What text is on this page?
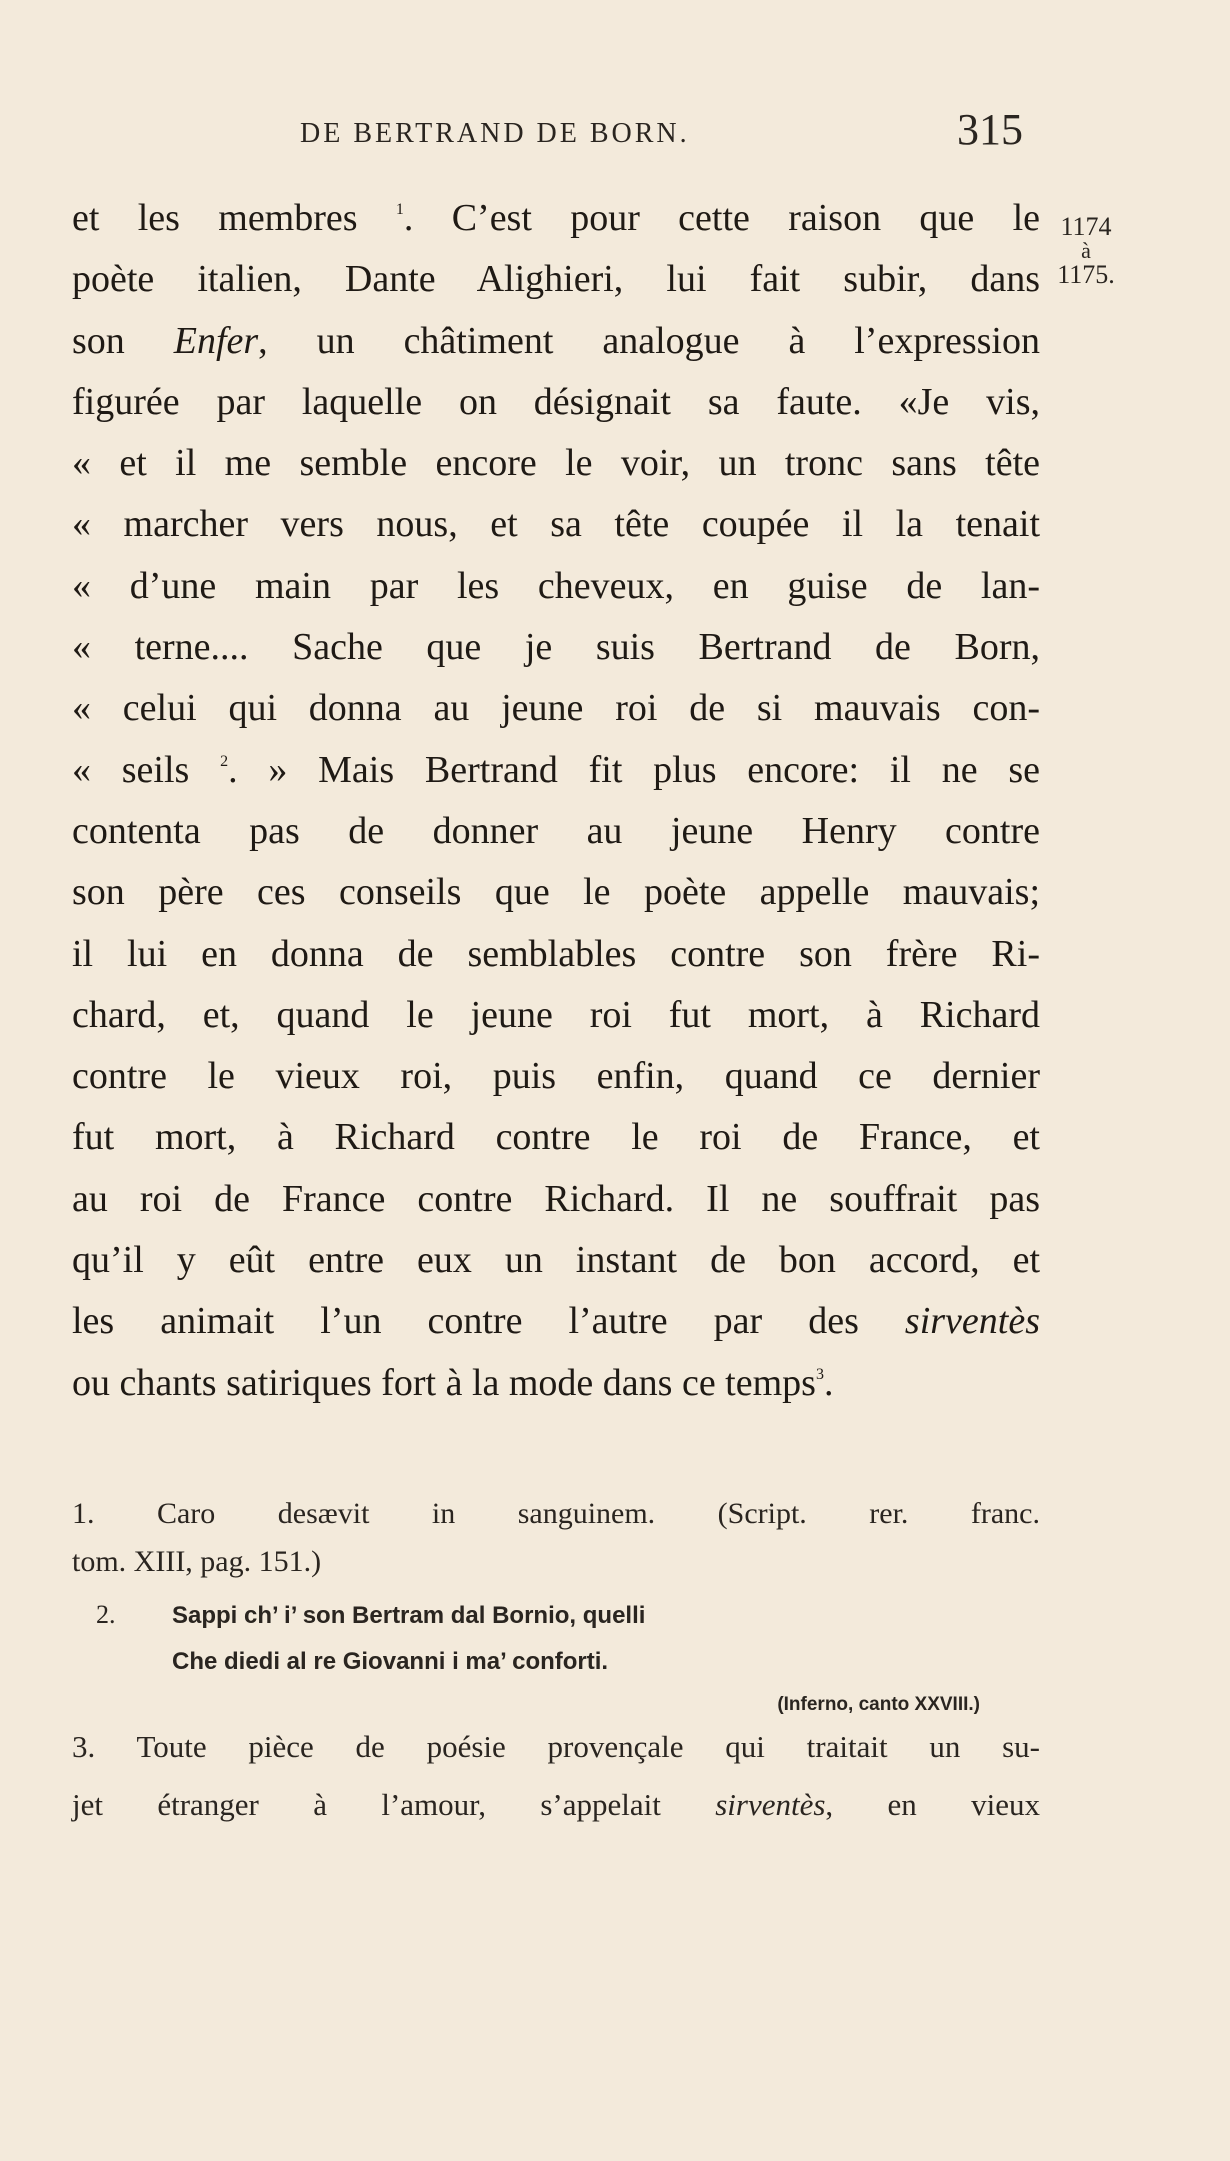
DE BERTRAND DE BORN.	315
1174
à
1175.
et les membres $^1$. C’est pour cette raison que le
poète italien, Dante Alighieri, lui fait subir, dans
son Enfer, un châtiment analogue à l’expression
figurée par laquelle on désignait sa faute. «Je vis,
« et il me semble encore le voir, un tronc sans tête
« marcher vers nous, et sa tête coupée il la tenait
« d’une main par les cheveux, en guise de lan-
« terne.... Sache que je suis Bertrand de Born,
« celui qui donna au jeune roi de si mauvais con-
« seils $^2$. » Mais Bertrand fit plus encore: il ne se
contenta pas de donner au jeune Henry contre
son père ces conseils que le poète appelle mauvais;
il lui en donna de semblables contre son frère Ri-
chard, et, quand le jeune roi fut mort, à Richard
contre le vieux roi, puis enfin, quand ce dernier
fut mort, à Richard contre le roi de France, et
au roi de France contre Richard. Il ne souffrait pas
qu’il y eût entre eux un instant de bon accord, et
les animait l’un contre l’autre par des sirventès
ou chants satiriques fort à la mode dans ce temps$^3$.
1. Caro desævit in sanguinem. (Script. rer. franc.
tom. XIII, pag. 151.)
2. Sappi ch’ i’ son Bertram dal Bornio, quelli
Che diedi al re Giovanni i ma’ conforti.
(Inferno, canto XXVIII.)
3. Toute pièce de poésie provençale qui traitait un su-
jet étranger à l’amour, s’appelait sirventès, en vieux
